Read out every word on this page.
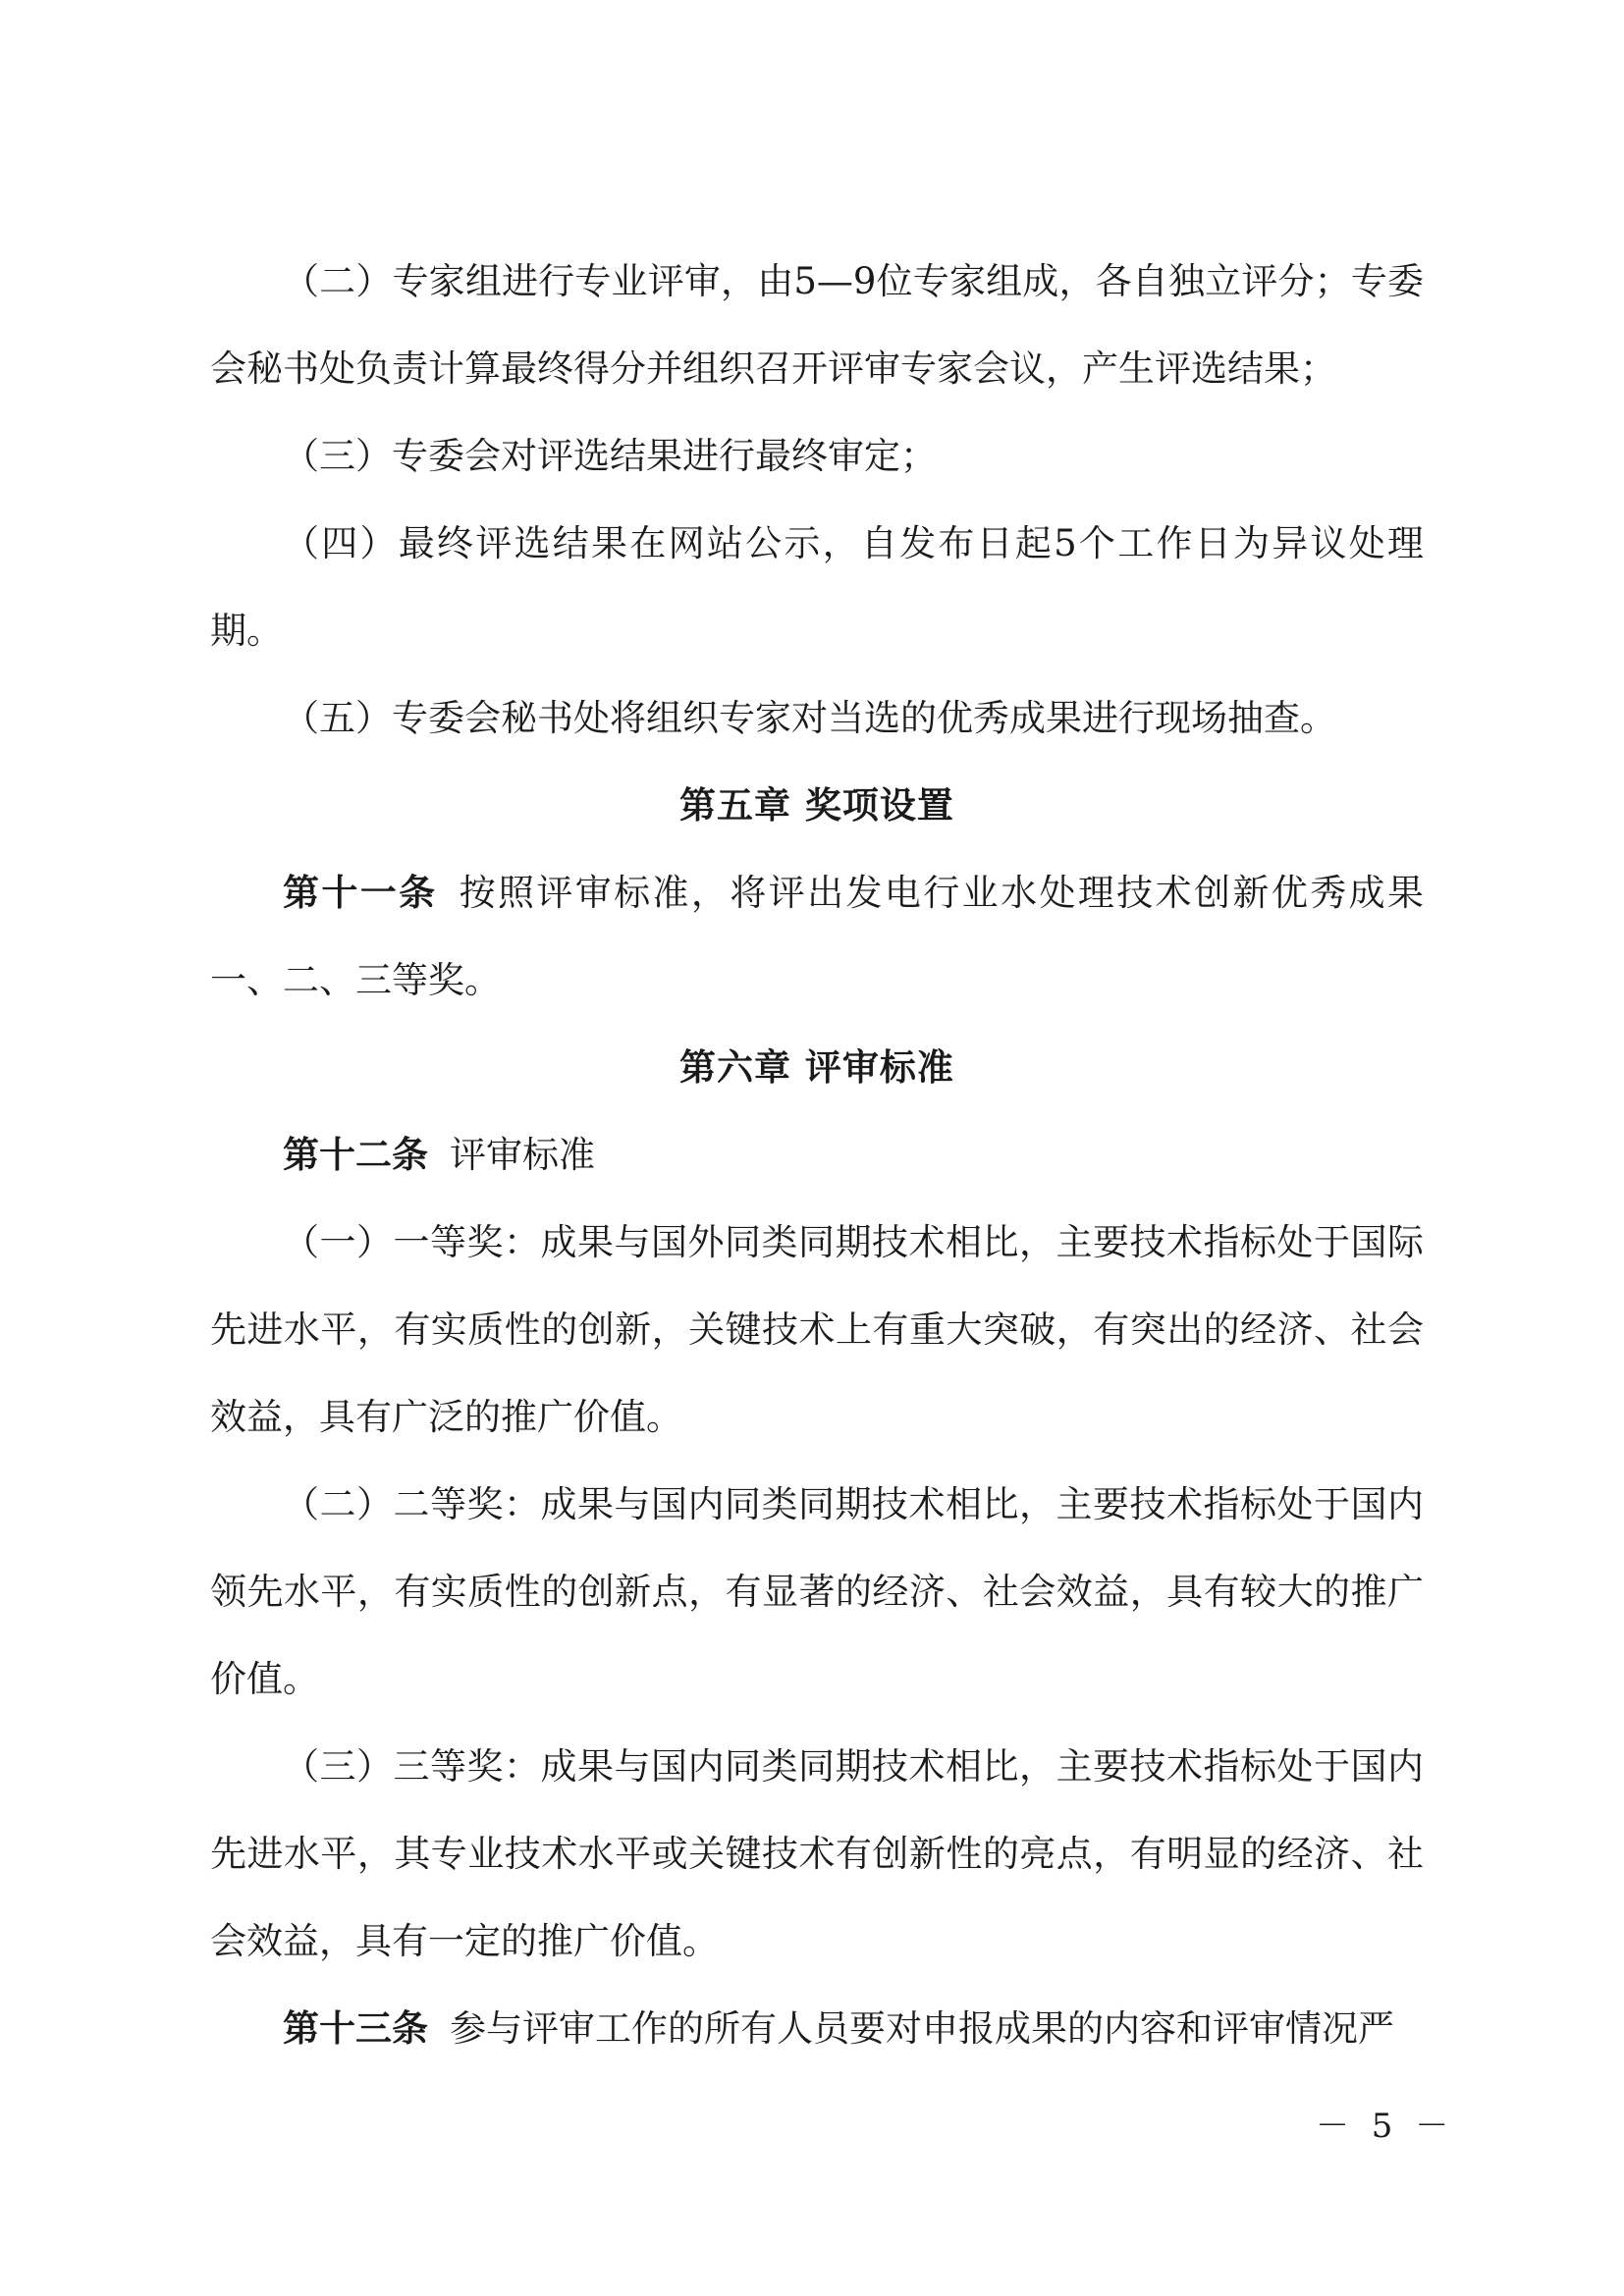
（二）专家组进行专业评审，由5—9位专家组成，各自独立评分；专委会秘书处负责计算最终得分并组织召开评审专家会议，产生评选结果；

（三）专委会对评选结果进行最终审定；

（四）最终评选结果在网站公示，自发布日起5个工作日为异议处理期。

（五）专委会秘书处将组织专家对当选的优秀成果进行现场抽查。

第五章 奖项设置

第十一条 按照评审标准，将评出发电行业水处理技术创新优秀成果一、二、三等奖。

第六章 评审标准

第十二条 评审标准

（一）一等奖：成果与国外同类同期技术相比，主要技术指标处于国际先进水平，有实质性的创新，关键技术上有重大突破，有突出的经济、社会效益，具有广泛的推广价值。

（二）二等奖：成果与国内同类同期技术相比，主要技术指标处于国内领先水平，有实质性的创新点，有显著的经济、社会效益，具有较大的推广价值。

（三）三等奖：成果与国内同类同期技术相比，主要技术指标处于国内先进水平，其专业技术水平或关键技术有创新性的亮点，有明显的经济、社会效益，具有一定的推广价值。

第十三条 参与评审工作的所有人员要对申报成果的内容和评审情况严

－ 5 －
